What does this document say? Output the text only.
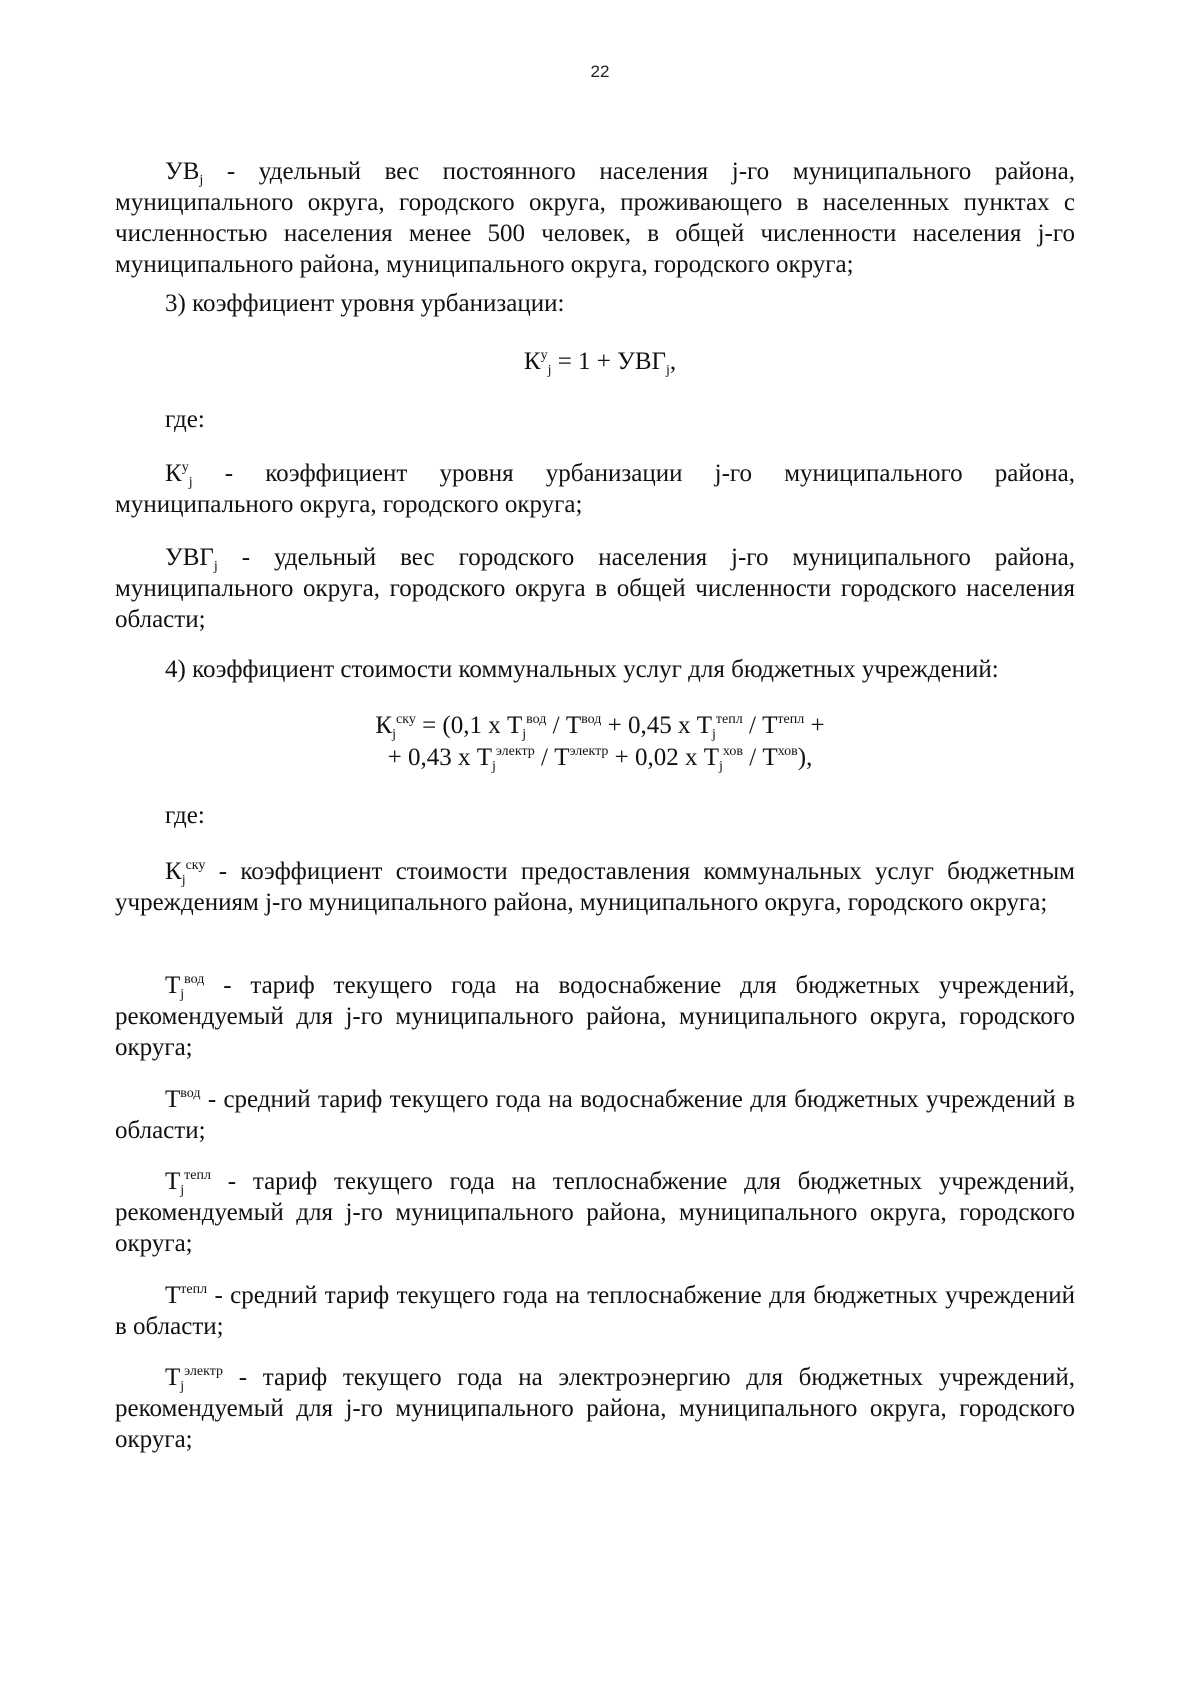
22
$УВ_j$ - удельный вес постоянного населения j-го муниципального района, муниципального округа, городского округа, проживающего в населенных пунктах с численностью населения менее 500 человек, в общей численности населения j-го муниципального района, муниципального округа, городского округа;
3) коэффициент уровня урбанизации:
$К^у_j = 1 + УВГ_j$,
где:
$К^у_j$ - коэффициент уровня урбанизации j-го муниципального района, муниципального округа, городского округа;
$УВГ_j$ - удельный вес городского населения j-го муниципального района, муниципального округа, городского округа в общей численности городского населения области;
4) коэффициент стоимости коммунальных услуг для бюджетных учреждений:
$К_j^{ску} = (0,1$ x $Т_j^{вод} / Т^{вод} + 0,45$ x $Т_j^{тепл} / Т^{тепл}$ +
+ 0,43 x $Т_j^{электр} / Т^{электр} + 0,02$ x $Т_j^{хов} / Т^{хов}$),
где:
$К_j^{ску}$ - коэффициент стоимости предоставления коммунальных услуг бюджетным учреждениям j-го муниципального района, муниципального округа, городского округа;
$Т_j^{вод}$ - тариф текущего года на водоснабжение для бюджетных учреждений, рекомендуемый для j-го муниципального района, муниципального округа, городского округа;
$Т^{вод}$ - средний тариф текущего года на водоснабжение для бюджетных учреждений в области;
$Т_j^{тепл}$ - тариф текущего года на теплоснабжение для бюджетных учреждений, рекомендуемый для j-го муниципального района, муниципального округа, городского округа;
$Т^{тепл}$ - средний тариф текущего года на теплоснабжение для бюджетных учреждений в области;
$Т_j^{электр}$ - тариф текущего года на электроэнергию для бюджетных учреждений, рекомендуемый для j-го муниципального района, муниципального округа, городского округа;
